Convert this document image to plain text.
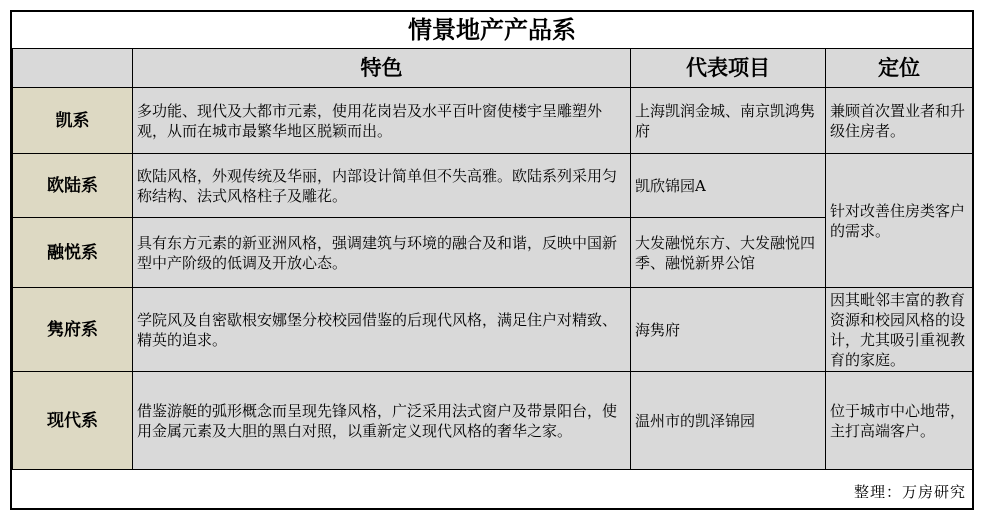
情景地产产品系
	特色	代表项目	定位
凯系	多功能、现代及大都市元素，使用花岗岩及水平百叶窗使楼宇呈雕塑外观，从而在城市最繁华地区脱颖而出。	上海凯润金城、南京凯鸿隽府	兼顾首次置业者和升级住房者。
欧陆系	欧陆风格，外观传统及华丽，内部设计简单但不失高雅。欧陆系列采用匀称结构、法式风格柱子及雕花。	凯欣锦园A	针对改善住房类客户的需求。
融悦系	具有东方元素的新亚洲风格，强调建筑与环境的融合及和谐，反映中国新型中产阶级的低调及开放心态。	大发融悦东方、大发融悦四季、融悦新界公馆	
隽府系	学院风及自密歇根安娜堡分校校园借鉴的后现代风格，满足住户对精致、精英的追求。	海隽府	因其毗邻丰富的教育资源和校园风格的设计，尤其吸引重视教育的家庭。
现代系	借鉴游艇的弧形概念而呈现先锋风格，广泛采用法式窗户及带景阳台，使用金属元素及大胆的黑白对照，以重新定义现代风格的奢华之家。	温州市的凯泽锦园	位于城市中心地带，主打高端客户。
整理：万房研究
